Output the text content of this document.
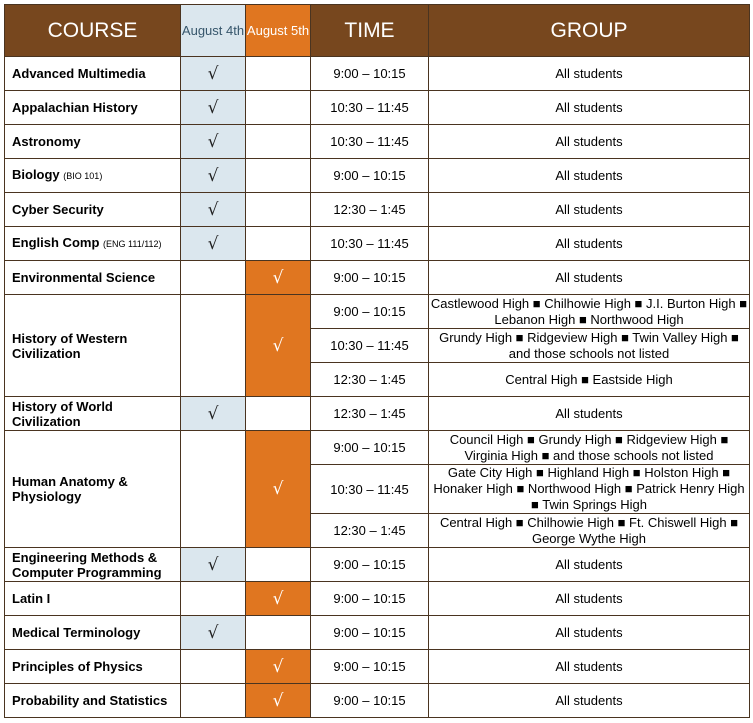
COURSE	August 4th	August 5th	TIME	GROUP
Advanced Multimedia	√		9:00 – 10:15	All students
Appalachian History	√		10:30 – 11:45	All students
Astronomy	√		10:30 – 11:45	All students
Biology (BIO 101)	√		9:00 – 10:15	All students
Cyber Security	√		12:30 – 1:45	All students
English Comp (ENG 111/112)	√		10:30 – 11:45	All students
Environmental Science		√	9:00 – 10:15	All students
History of Western Civilization		√	9:00 – 10:15	Castlewood High ■ Chilhowie High ■ J.I. Burton High ■ Lebanon High ■ Northwood High
			10:30 – 11:45	Grundy High ■ Ridgeview High ■ Twin Valley High ■ and those schools not listed
			12:30 – 1:45	Central High ■ Eastside High
History of World Civilization	√		12:30 – 1:45	All students
Human Anatomy & Physiology		√	9:00 – 10:15	Council High ■ Grundy High ■ Ridgeview High ■ Virginia High ■ and those schools not listed
			10:30 – 11:45	Gate City High ■ Highland High ■ Holston High ■ Honaker High ■ Northwood High ■ Patrick Henry High ■ Twin Springs High
			12:30 – 1:45	Central High ■ Chilhowie High ■ Ft. Chiswell High ■ George Wythe High
Engineering Methods & Computer Programming	√		9:00 – 10:15	All students
Latin I		√	9:00 – 10:15	All students
Medical Terminology	√		9:00 – 10:15	All students
Principles of Physics		√	9:00 – 10:15	All students
Probability and Statistics		√	9:00 – 10:15	All students
